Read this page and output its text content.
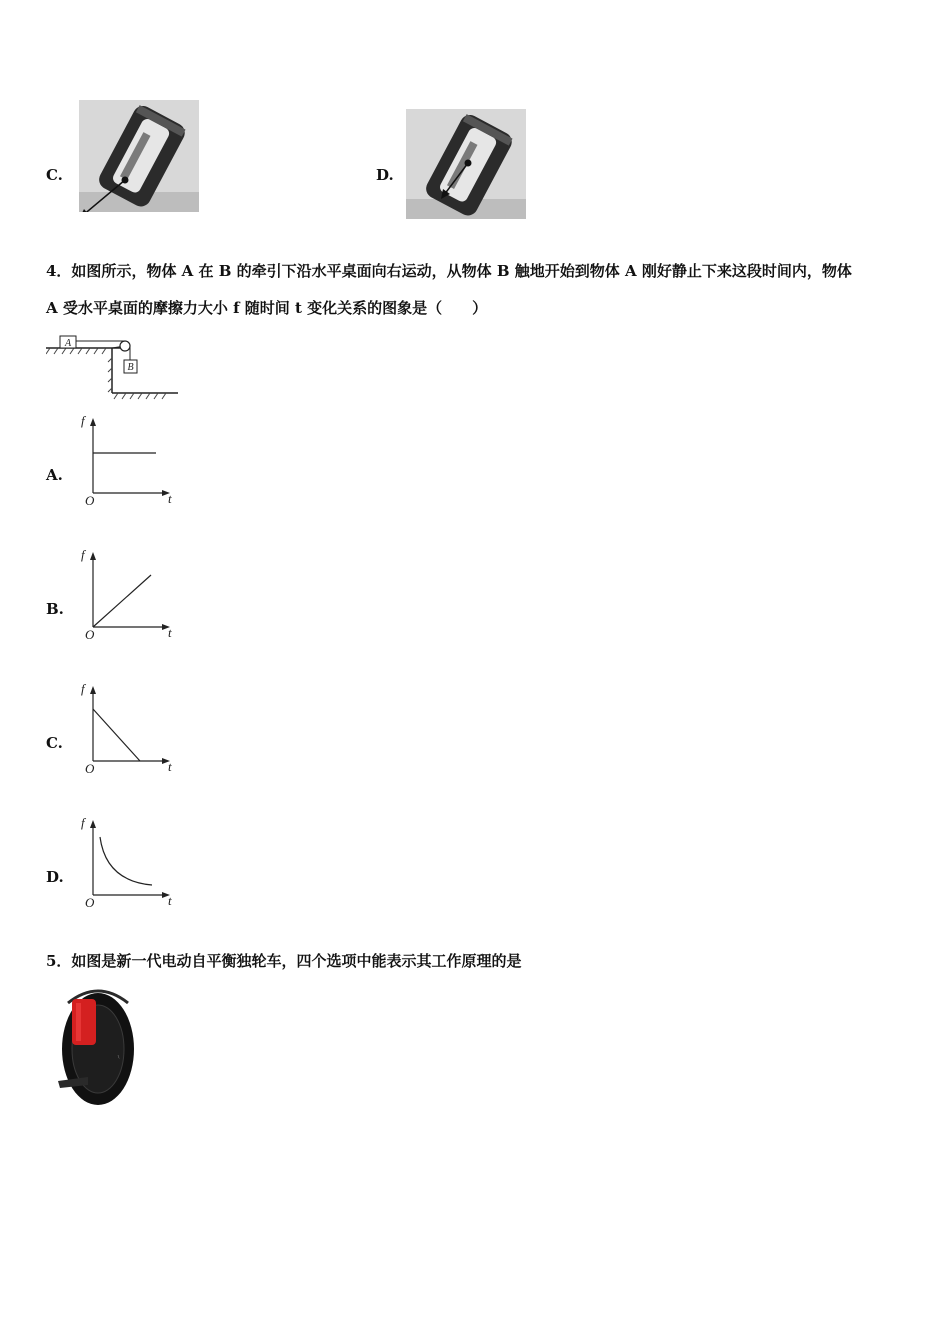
C.	D.
4．如图所示，物体 A 在 B 的牵引下沿水平桌面向右运动，从物体 B 触地开始到物体 A 刚好静止下来这段时间内，物体
A 受水平桌面的摩擦力大小 f 随时间 t 变化关系的图象是（　　）
A
B
A.
f
t
O
B.
f
t
O
C.
f
t
O
D.
f
t
O
5．如图是新一代电动自平衡独轮车，四个选项中能表示其工作原理的是
~
